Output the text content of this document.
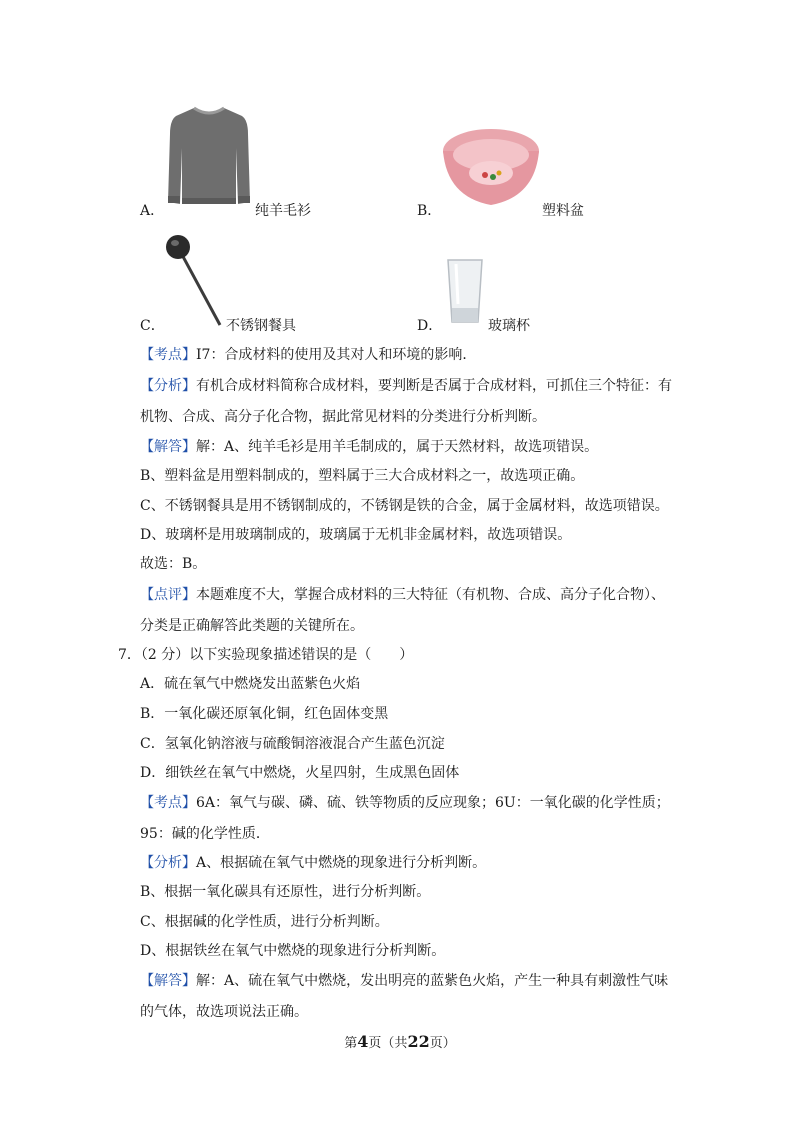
A．	纯羊毛衫	B．	塑料盆
C．	不锈钢餐具	D．	玻璃杯
【考点】I7：合成材料的使用及其对人和环境的影响．
【分析】有机合成材料简称合成材料，要判断是否属于合成材料，可抓住三个特征：有
机物、合成、高分子化合物，据此常见材料的分类进行分析判断。
【解答】解：A、纯羊毛衫是用羊毛制成的，属于天然材料，故选项错误。
B、塑料盆是用塑料制成的，塑料属于三大合成材料之一，故选项正确。
C、不锈钢餐具是用不锈钢制成的，不锈钢是铁的合金，属于金属材料，故选项错误。
D、玻璃杯是用玻璃制成的，玻璃属于无机非金属材料，故选项错误。
故选：B。
【点评】本题难度不大，掌握合成材料的三大特征（有机物、合成、高分子化合物）、
分类是正确解答此类题的关键所在。
7．（2 分）以下实验现象描述错误的是（　　）
A．硫在氧气中燃烧发出蓝紫色火焰
B．一氧化碳还原氧化铜，红色固体变黑
C．氢氧化钠溶液与硫酸铜溶液混合产生蓝色沉淀
D．细铁丝在氧气中燃烧，火星四射，生成黑色固体
【考点】6A：氧气与碳、磷、硫、铁等物质的反应现象；6U：一氧化碳的化学性质；
95：碱的化学性质．
【分析】A、根据硫在氧气中燃烧的现象进行分析判断。
B、根据一氧化碳具有还原性，进行分析判断。
C、根据碱的化学性质，进行分析判断。
D、根据铁丝在氧气中燃烧的现象进行分析判断。
【解答】解：A、硫在氧气中燃烧，发出明亮的蓝紫色火焰，产生一种具有刺激性气味
的气体，故选项说法正确。
第4页（共22页）
